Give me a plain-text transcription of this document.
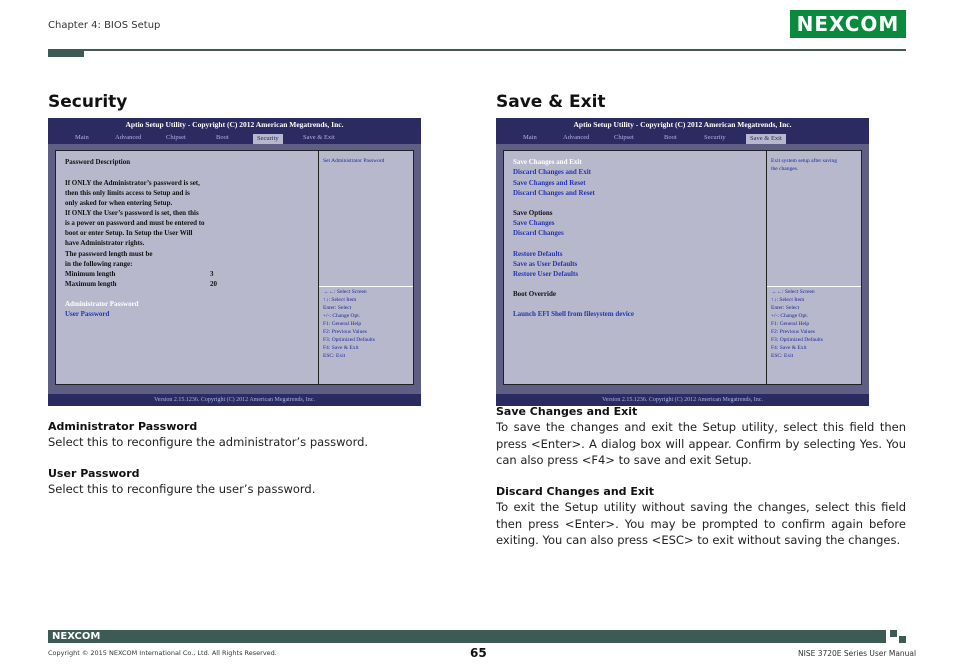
Chapter 4: BIOS Setup	NEXCOM
Security
Aptio Setup Utility - Copyright (C) 2012 American Megatrends, Inc.
Main	Advanced	Chipset	Boot	Security	Save & Exit
Password Description
If ONLY the Administrator’s password is set,
then this only limits access to Setup and is
only asked for when entering Setup.
If ONLY the User’s password is set, then this
is a power on password and must be entered to
boot or enter Setup. In Setup the User Will
have Administrator rights.
The password length must be
in the following range:
Minimum length	3
Maximum length	20
Administrator Password
User Password
Set Administrator Password
→←: Select Screen
↑↓: Select Item
Enter: Select
+/-: Change Opt.
F1: General Help
F2: Previous Values
F3: Optimized Defaults
F4: Save & Exit
ESC: Exit
Version 2.15.1236. Copyright (C) 2012 American Megatrends, Inc.
Administrator Password
Select this to reconfigure the administrator’s password.
User Password
Select this to reconfigure the user’s password.
Save & Exit
Aptio Setup Utility - Copyright (C) 2012 American Megatrends, Inc.
Main	Advanced	Chipset	Boot	Security	Save & Exit
Save Changes and Exit
Discard Changes and Exit
Save Changes and Reset
Discard Changes and Reset
Save Options
Save Changes
Discard Changes
Restore Defaults
Save as User Defaults
Restore User Defaults
Boot Override
Launch EFI Shell from filesystem device
Exit system setup after saving
the changes.
→←: Select Screen
↑↓: Select Item
Enter: Select
+/-: Change Opt.
F1: General Help
F2: Previous Values
F3: Optimized Defaults
F4: Save & Exit
ESC: Exit
Version 2.15.1236. Copyright (C) 2012 American Megatrends, Inc.
Save Changes and Exit
To save the changes and exit the Setup utility, select this field then press <Enter>. A dialog box will appear. Confirm by selecting Yes. You can also press <F4> to save and exit Setup.
Discard Changes and Exit
To exit the Setup utility without saving the changes, select this field then press <Enter>. You may be prompted to confirm again before exiting. You can also press <ESC> to exit without saving the changes.
NEXCOM
Copyright © 2015 NEXCOM International Co., Ltd. All Rights Reserved.	65	NISE 3720E Series User Manual
